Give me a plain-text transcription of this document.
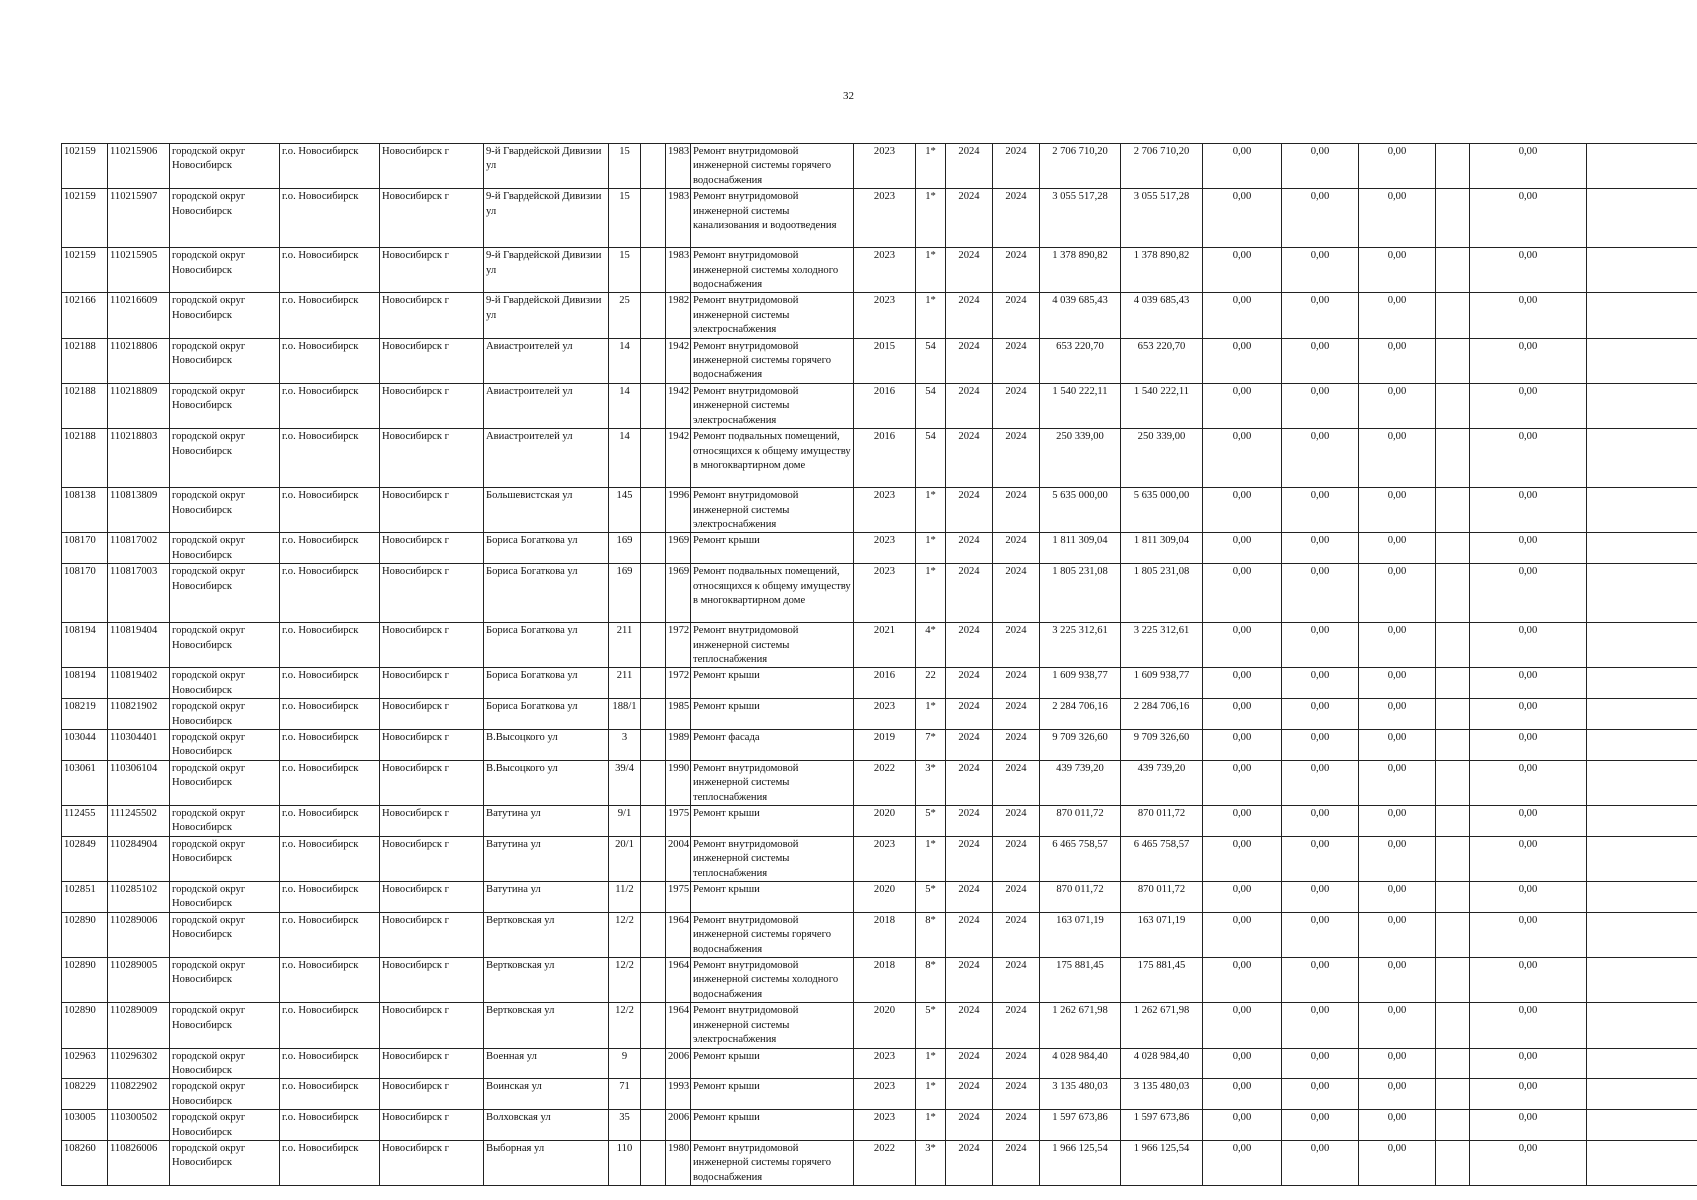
32
102159	110215906	городской округ Новосибирск	г.о. Новосибирск	Новосибирск г	9-й Гвардейской Дивизии ул	15		1983	Ремонт внутридомовой инженерной системы горячего водоснабжения	2023	1*	2024	2024	2 706 710,20	2 706 710,20	0,00	0,00	0,00		0,00	
102159	110215907	городской округ Новосибирск	г.о. Новосибирск	Новосибирск г	9-й Гвардейской Дивизии ул	15		1983	Ремонт внутридомовой инженерной системы канализования и водоотведения	2023	1*	2024	2024	3 055 517,28	3 055 517,28	0,00	0,00	0,00		0,00	
102159	110215905	городской округ Новосибирск	г.о. Новосибирск	Новосибирск г	9-й Гвардейской Дивизии ул	15		1983	Ремонт внутридомовой инженерной системы холодного водоснабжения	2023	1*	2024	2024	1 378 890,82	1 378 890,82	0,00	0,00	0,00		0,00	
102166	110216609	городской округ Новосибирск	г.о. Новосибирск	Новосибирск г	9-й Гвардейской Дивизии ул	25		1982	Ремонт внутридомовой инженерной системы электроснабжения	2023	1*	2024	2024	4 039 685,43	4 039 685,43	0,00	0,00	0,00		0,00	
102188	110218806	городской округ Новосибирск	г.о. Новосибирск	Новосибирск г	Авиастроителей ул	14		1942	Ремонт внутридомовой инженерной системы горячего водоснабжения	2015	54	2024	2024	653 220,70	653 220,70	0,00	0,00	0,00		0,00	
102188	110218809	городской округ Новосибирск	г.о. Новосибирск	Новосибирск г	Авиастроителей ул	14		1942	Ремонт внутридомовой инженерной системы электроснабжения	2016	54	2024	2024	1 540 222,11	1 540 222,11	0,00	0,00	0,00		0,00	
102188	110218803	городской округ Новосибирск	г.о. Новосибирск	Новосибирск г	Авиастроителей ул	14		1942	Ремонт подвальных помещений, относящихся к общему имуществу в многоквартирном доме	2016	54	2024	2024	250 339,00	250 339,00	0,00	0,00	0,00		0,00	
108138	110813809	городской округ Новосибирск	г.о. Новосибирск	Новосибирск г	Большевистская ул	145		1996	Ремонт внутридомовой инженерной системы электроснабжения	2023	1*	2024	2024	5 635 000,00	5 635 000,00	0,00	0,00	0,00		0,00	
108170	110817002	городской округ Новосибирск	г.о. Новосибирск	Новосибирск г	Бориса Богаткова ул	169		1969	Ремонт крыши	2023	1*	2024	2024	1 811 309,04	1 811 309,04	0,00	0,00	0,00		0,00	
108170	110817003	городской округ Новосибирск	г.о. Новосибирск	Новосибирск г	Бориса Богаткова ул	169		1969	Ремонт подвальных помещений, относящихся к общему имуществу в многоквартирном доме	2023	1*	2024	2024	1 805 231,08	1 805 231,08	0,00	0,00	0,00		0,00	
108194	110819404	городской округ Новосибирск	г.о. Новосибирск	Новосибирск г	Бориса Богаткова ул	211		1972	Ремонт внутридомовой инженерной системы теплоснабжения	2021	4*	2024	2024	3 225 312,61	3 225 312,61	0,00	0,00	0,00		0,00	
108194	110819402	городской округ Новосибирск	г.о. Новосибирск	Новосибирск г	Бориса Богаткова ул	211		1972	Ремонт крыши	2016	22	2024	2024	1 609 938,77	1 609 938,77	0,00	0,00	0,00		0,00	
108219	110821902	городской округ Новосибирск	г.о. Новосибирск	Новосибирск г	Бориса Богаткова ул	188/1		1985	Ремонт крыши	2023	1*	2024	2024	2 284 706,16	2 284 706,16	0,00	0,00	0,00		0,00	
103044	110304401	городской округ Новосибирск	г.о. Новосибирск	Новосибирск г	В.Высоцкого ул	3		1989	Ремонт фасада	2019	7*	2024	2024	9 709 326,60	9 709 326,60	0,00	0,00	0,00		0,00	
103061	110306104	городской округ Новосибирск	г.о. Новосибирск	Новосибирск г	В.Высоцкого ул	39/4		1990	Ремонт внутридомовой инженерной системы теплоснабжения	2022	3*	2024	2024	439 739,20	439 739,20	0,00	0,00	0,00		0,00	
112455	111245502	городской округ Новосибирск	г.о. Новосибирск	Новосибирск г	Ватутина ул	9/1		1975	Ремонт крыши	2020	5*	2024	2024	870 011,72	870 011,72	0,00	0,00	0,00		0,00	
102849	110284904	городской округ Новосибирск	г.о. Новосибирск	Новосибирск г	Ватутина ул	20/1		2004	Ремонт внутридомовой инженерной системы теплоснабжения	2023	1*	2024	2024	6 465 758,57	6 465 758,57	0,00	0,00	0,00		0,00	
102851	110285102	городской округ Новосибирск	г.о. Новосибирск	Новосибирск г	Ватутина ул	11/2		1975	Ремонт крыши	2020	5*	2024	2024	870 011,72	870 011,72	0,00	0,00	0,00		0,00	
102890	110289006	городской округ Новосибирск	г.о. Новосибирск	Новосибирск г	Вертковская ул	12/2		1964	Ремонт внутридомовой инженерной системы горячего водоснабжения	2018	8*	2024	2024	163 071,19	163 071,19	0,00	0,00	0,00		0,00	
102890	110289005	городской округ Новосибирск	г.о. Новосибирск	Новосибирск г	Вертковская ул	12/2		1964	Ремонт внутридомовой инженерной системы холодного водоснабжения	2018	8*	2024	2024	175 881,45	175 881,45	0,00	0,00	0,00		0,00	
102890	110289009	городской округ Новосибирск	г.о. Новосибирск	Новосибирск г	Вертковская ул	12/2		1964	Ремонт внутридомовой инженерной системы электроснабжения	2020	5*	2024	2024	1 262 671,98	1 262 671,98	0,00	0,00	0,00		0,00	
102963	110296302	городской округ Новосибирск	г.о. Новосибирск	Новосибирск г	Военная ул	9		2006	Ремонт крыши	2023	1*	2024	2024	4 028 984,40	4 028 984,40	0,00	0,00	0,00		0,00	
108229	110822902	городской округ Новосибирск	г.о. Новосибирск	Новосибирск г	Воинская ул	71		1993	Ремонт крыши	2023	1*	2024	2024	3 135 480,03	3 135 480,03	0,00	0,00	0,00		0,00	
103005	110300502	городской округ Новосибирск	г.о. Новосибирск	Новосибирск г	Волховская ул	35		2006	Ремонт крыши	2023	1*	2024	2024	1 597 673,86	1 597 673,86	0,00	0,00	0,00		0,00	
108260	110826006	городской округ Новосибирск	г.о. Новосибирск	Новосибирск г	Выборная ул	110		1980	Ремонт внутридомовой инженерной системы горячего водоснабжения	2022	3*	2024	2024	1 966 125,54	1 966 125,54	0,00	0,00	0,00		0,00	
